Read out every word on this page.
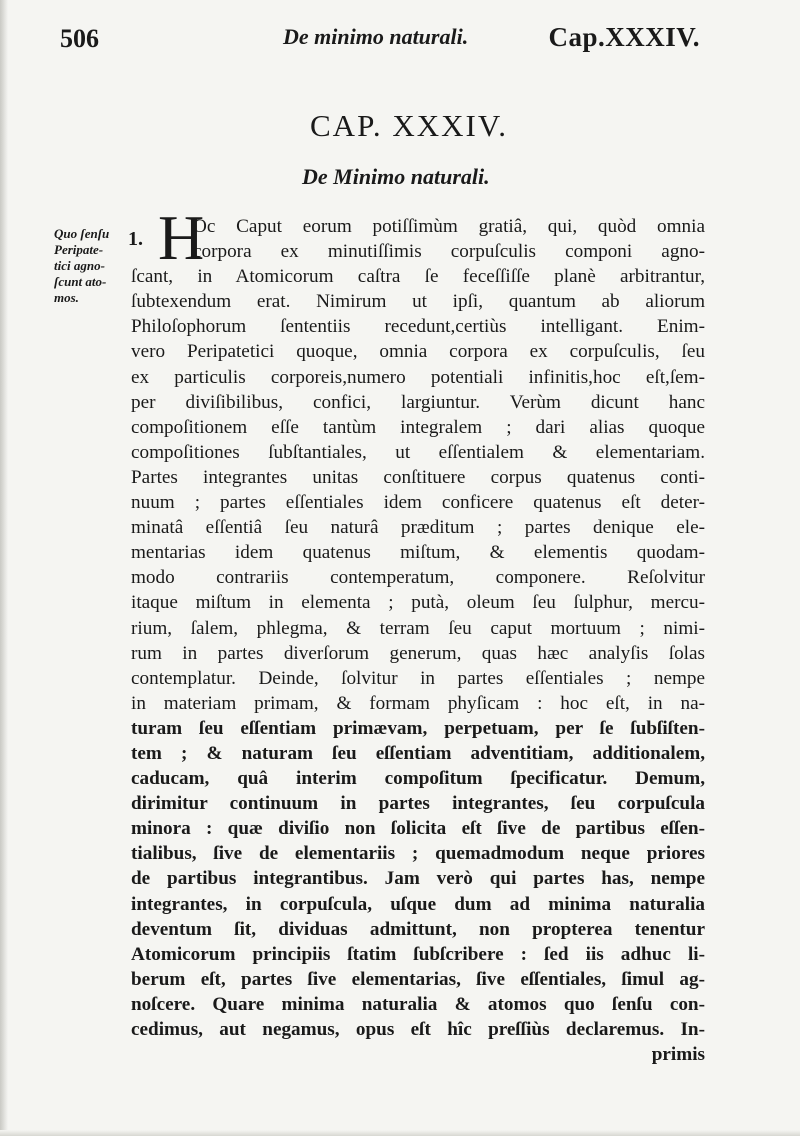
506	De minimo naturali.	Cap.XXXIV.
CAP. XXXIV.
De Minimo naturali.
Quo ſenſu
Peripate-
tici agno-
ſcunt ato-
mos.
1. H
Oc Caput eorum potiſſimùm gratiâ, qui, quòd omnia
corpora ex minutiſſimis corpuſculis componi agno-
ſcant, in Atomicorum caſtra ſe feceſſiſſe planè arbitrantur,
ſubtexendum erat. Nimirum ut ipſi, quantum ab aliorum
Philoſophorum ſententiis recedunt,certiùs intelligant. Enim-
vero Peripatetici quoque, omnia corpora ex corpuſculis, ſeu
ex particulis corporeis,numero potentiali infinitis,hoc eſt,ſem-
per diviſibilibus, confici, largiuntur. Verùm dicunt hanc
compoſitionem eſſe tantùm integralem ; dari alias quoque
compoſitiones ſubſtantiales, ut eſſentialem & elementariam.
Partes integrantes unitas conſtituere corpus quatenus conti-
nuum ; partes eſſentiales idem conficere quatenus eſt deter-
minatâ eſſentiâ ſeu naturâ præditum ; partes denique ele-
mentarias idem quatenus miſtum, & elementis quodam-
modo contrariis contemperatum, componere. Reſolvitur
itaque miſtum in elementa ; putà, oleum ſeu ſulphur, mercu-
rium, ſalem, phlegma, & terram ſeu caput mortuum ; nimi-
rum in partes diverſorum generum, quas hæc analyſis ſolas
contemplatur. Deinde, ſolvitur in partes eſſentiales ; nempe
in materiam primam, & formam phyſicam : hoc eſt, in na-
turam ſeu eſſentiam primævam, perpetuam, per ſe ſubſiſten-
tem ; & naturam ſeu eſſentiam adventitiam, additionalem,
caducam, quâ interim compoſitum ſpecificatur. Demum,
dirimitur continuum in partes integrantes, ſeu corpuſcula
minora : quæ diviſio non ſolicita eſt ſive de partibus eſſen-
tialibus, ſive de elementariis ; quemadmodum neque priores
de partibus integrantibus. Jam verò qui partes has, nempe
integrantes, in corpuſcula, uſque dum ad minima naturalia
deventum ſit, dividuas admittunt, non propterea tenentur
Atomicorum principiis ſtatim ſubſcribere : ſed iis adhuc li-
berum eſt, partes ſive elementarias, ſive eſſentiales, ſimul ag-
noſcere. Quare minima naturalia & atomos quo ſenſu con-
cedimus, aut negamus, opus eſt hîc preſſiùs declaremus. In-
primis
